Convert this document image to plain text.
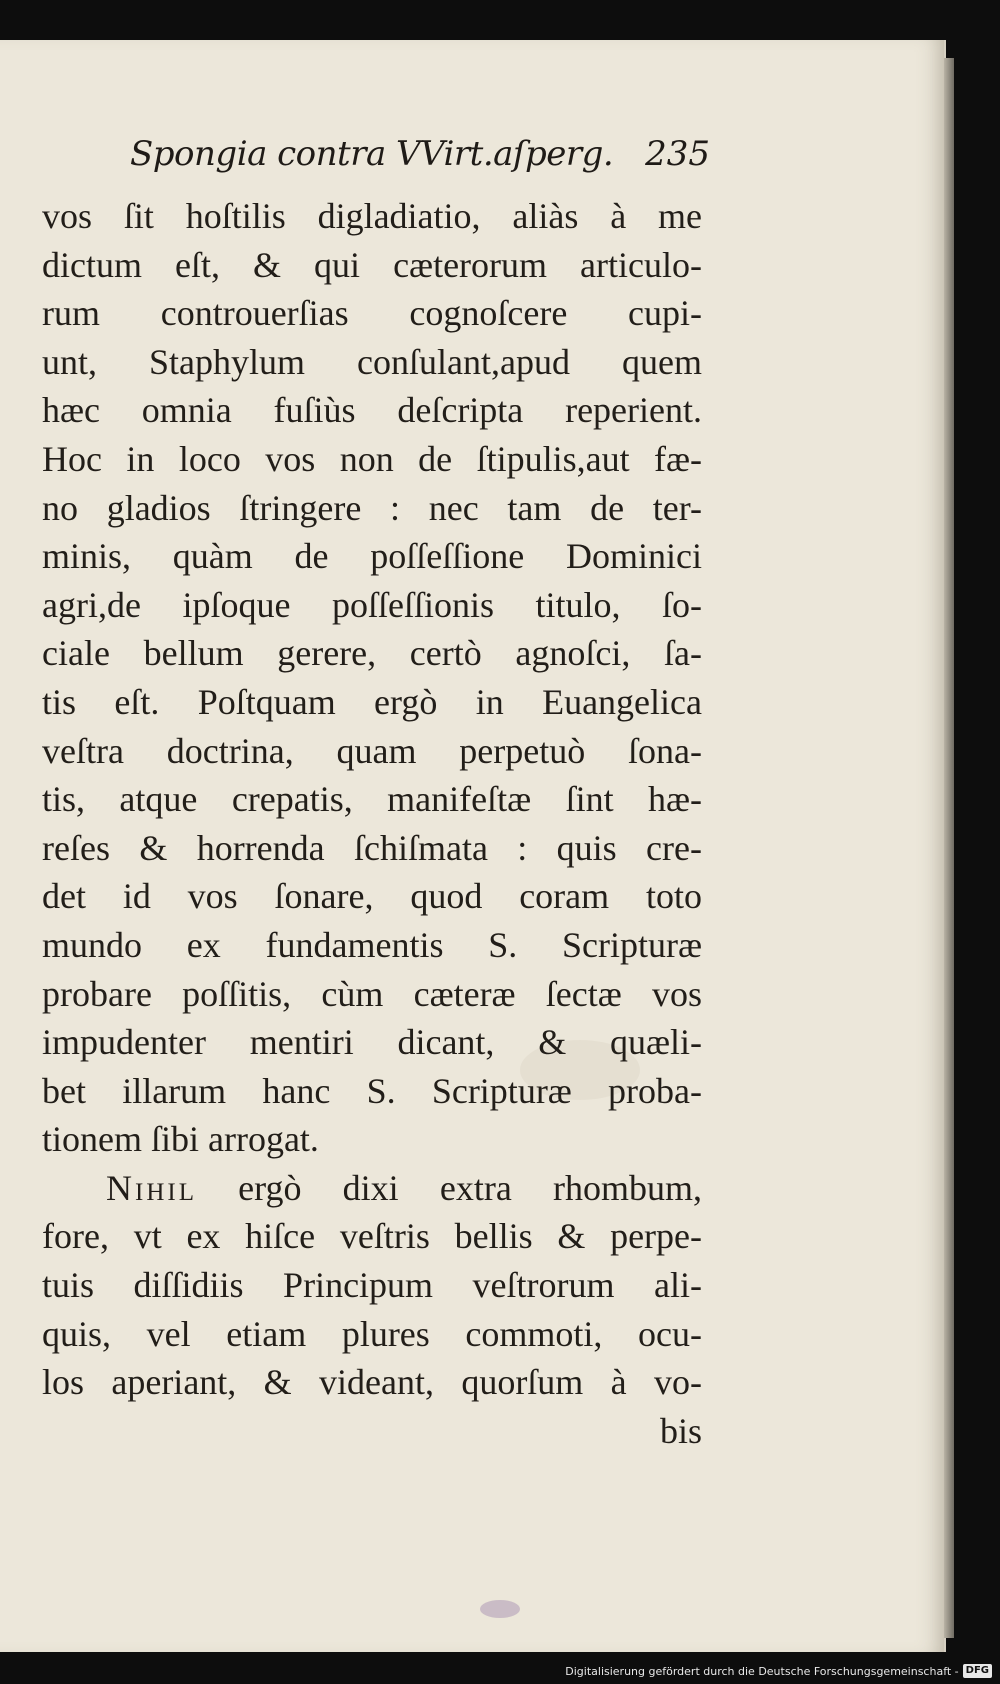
Spongia contra VVirt.aſperg. 235
vos ſit hoſtilis digladiatio, aliàs à me
dictum eſt, & qui cæterorum articulo-
rum controuerſias cognoſcere cupi-
unt, Staphylum conſulant,apud quem
hæc omnia fuſiùs deſcripta reperient.
Hoc in loco vos non de ſtipulis,aut fæ-
no gladios ſtringere : nec tam de ter-
minis, quàm de poſſeſſione Dominici
agri,de ipſoque poſſeſſionis titulo, ſo-
ciale bellum gerere, certò agnoſci, ſa-
tis eſt. Poſtquam ergò in Euangelica
veſtra doctrina, quam perpetuò ſona-
tis, atque crepatis, manifeſtæ ſint hæ-
reſes & horrenda ſchiſmata : quis cre-
det id vos ſonare, quod coram toto
mundo ex fundamentis S. Scripturæ
probare poſſitis, cùm cæteræ ſectæ vos
impudenter mentiri dicant, & quæli-
bet illarum hanc S. Scripturæ proba-
tionem ſibi arrogat.
Nihil ergò dixi extra rhombum,
fore, vt ex hiſce veſtris bellis & perpe-
tuis diſſidiis Principum veſtrorum ali-
quis, vel etiam plures commoti, ocu-
los aperiant, & videant, quorſum à vo-
bis
Digitalisierung gefördert durch die Deutsche Forschungsgemeinschaft - DFG
